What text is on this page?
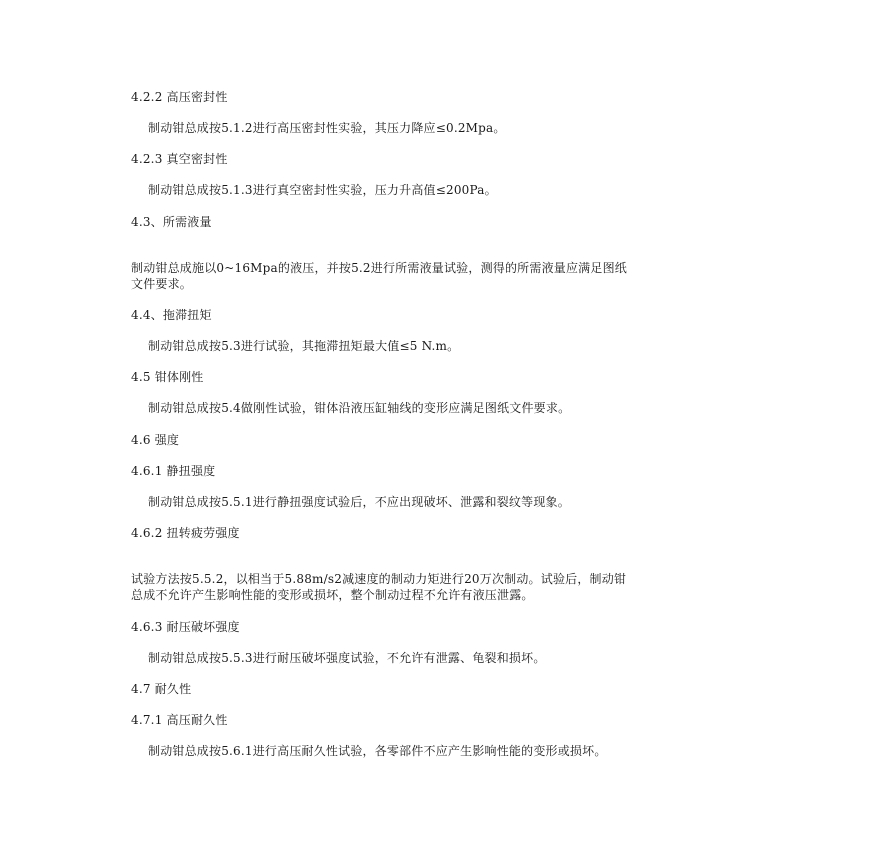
4.2.2 高压密封性
制动钳总成按5.1.2进行高压密封性实验，其压力降应≤0.2Mpa。
4.2.3 真空密封性
制动钳总成按5.1.3进行真空密封性实验，压力升高值≤200Pa。
4.3、所需液量
制动钳总成施以0~16Mpa的液压，并按5.2进行所需液量试验，测得的所需液量应满足图纸
文件要求。
4.4、拖滞扭矩
制动钳总成按5.3进行试验，其拖滞扭矩最大值≤5 N.m。
4.5 钳体刚性
制动钳总成按5.4做刚性试验，钳体沿液压缸轴线的变形应满足图纸文件要求。
4.6 强度
4.6.1 静扭强度
制动钳总成按5.5.1进行静扭强度试验后，不应出现破坏、泄露和裂纹等现象。
4.6.2 扭转疲劳强度
试验方法按5.5.2，以相当于5.88m/s2减速度的制动力矩进行20万次制动。试验后，制动钳
总成不允许产生影响性能的变形或损坏，整个制动过程不允许有液压泄露。
4.6.3 耐压破坏强度
制动钳总成按5.5.3进行耐压破坏强度试验，不允许有泄露、龟裂和损坏。
4.7 耐久性
4.7.1 高压耐久性
制动钳总成按5.6.1进行高压耐久性试验，各零部件不应产生影响性能的变形或损坏。
